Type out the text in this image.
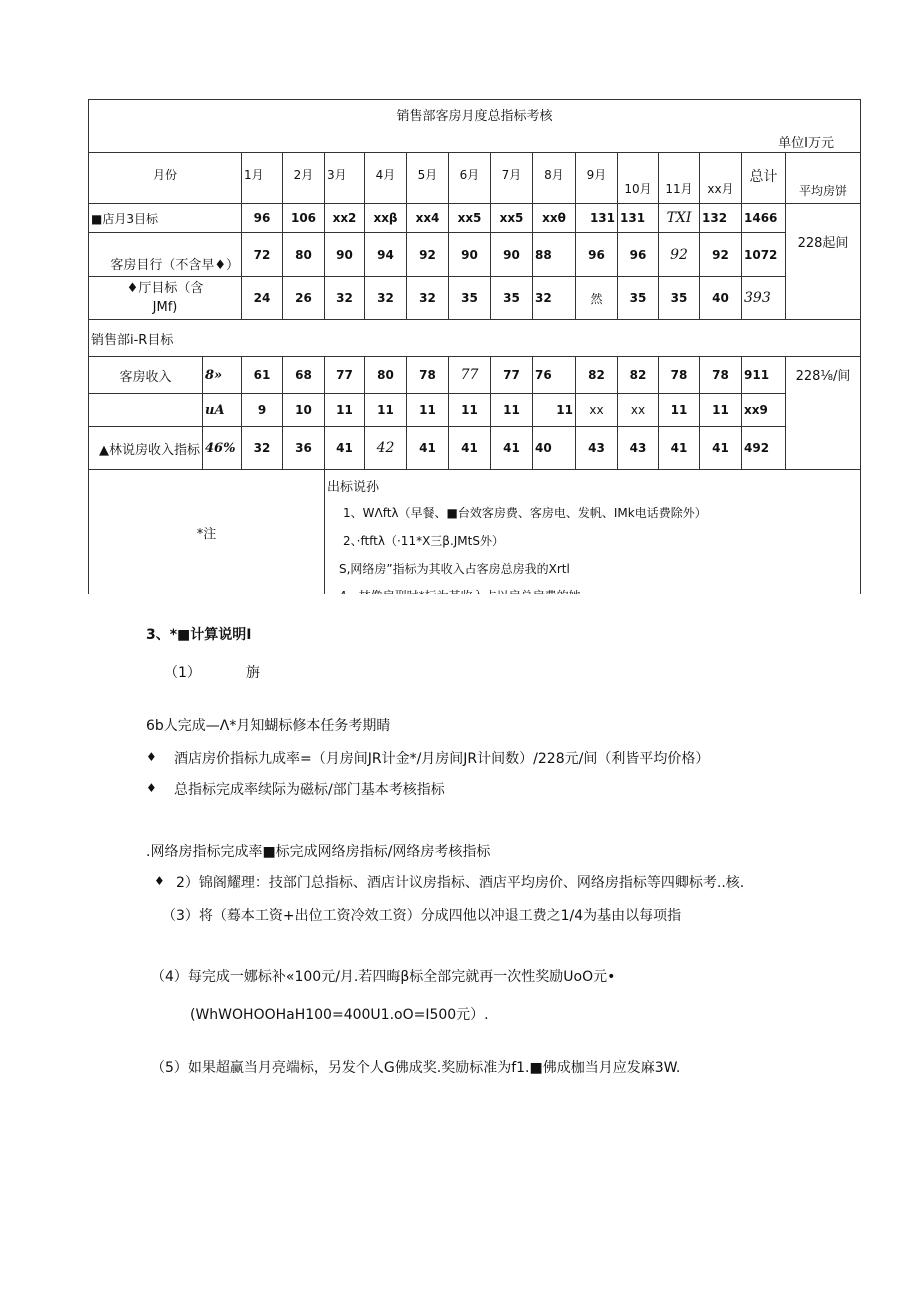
销售部客房月度总指标考核
单位I万元															

月份		1月	2月	3月	4月	5月	6月	7月	8月	9月	10月	11月	xx月	总计	平均房饼
■店月3目标		96	106	xx2	xxβ	xx4	xx5	xx5	xxθ	131	131	TXI	132	1466	228起间
客房目行（不含早♦）		72	80	90	94	92	90	90	88	96	96	92	92	1072	
♦厅目标（含
JMf)		24	26	32	32	32	35	35	32	然	35	35	40	393	
销售部i-R目标															
客房收入	8»	61	68	77	80	78	77	77	76	82	82	78	78	911	228⅛/间
	uA	9	10	11	11	11	11	11	11	xx	xx	11	11	xx9	
▲林说房收入指标	46%	32	36	41	42	41	41	41	40	43	43	41	41	492	
*注				出标说孙
1、WΛftλ（早餐、■台效客房费、客房电、发帆、IMk电话费除外）
2、·ftftλ（·11*X三β.JMtS外）
S,网络房”指标为其收入占客房总房我的Xrtl											
3、*■计算说明I
（1）	旃
6b人完成—Λ*月知蝴标修本任务考期睛
♦ 酒店房价指标九成率=（月房间JR计金*/月房间JR计间数）/228元/间（利皆平均价格）
♦ 总指标完成率续际为磁标/部门基本考核指标
.网络房指标完成率■标完成网络房指标/网络房考核指标
♦ 2）锦阁耀理：技部门总指标、酒店计议房指标、酒店平均房价、网络房指标等四卿标考..核.
（3）将（蓦本工资+出位工资冷效工资）分成四他以冲退工费之1/4为基由以每项指
（4）每完成一娜标补«100元/月.若四晦β标全部完就再一次性奖励UoO元•
(WhWOHOOHaH100=400U1.oO=I500元）.
（5）如果超赢当月亮端标，另发个人G佛成奖.奖励标准为f1.■佛成枷当月应发麻3W.
